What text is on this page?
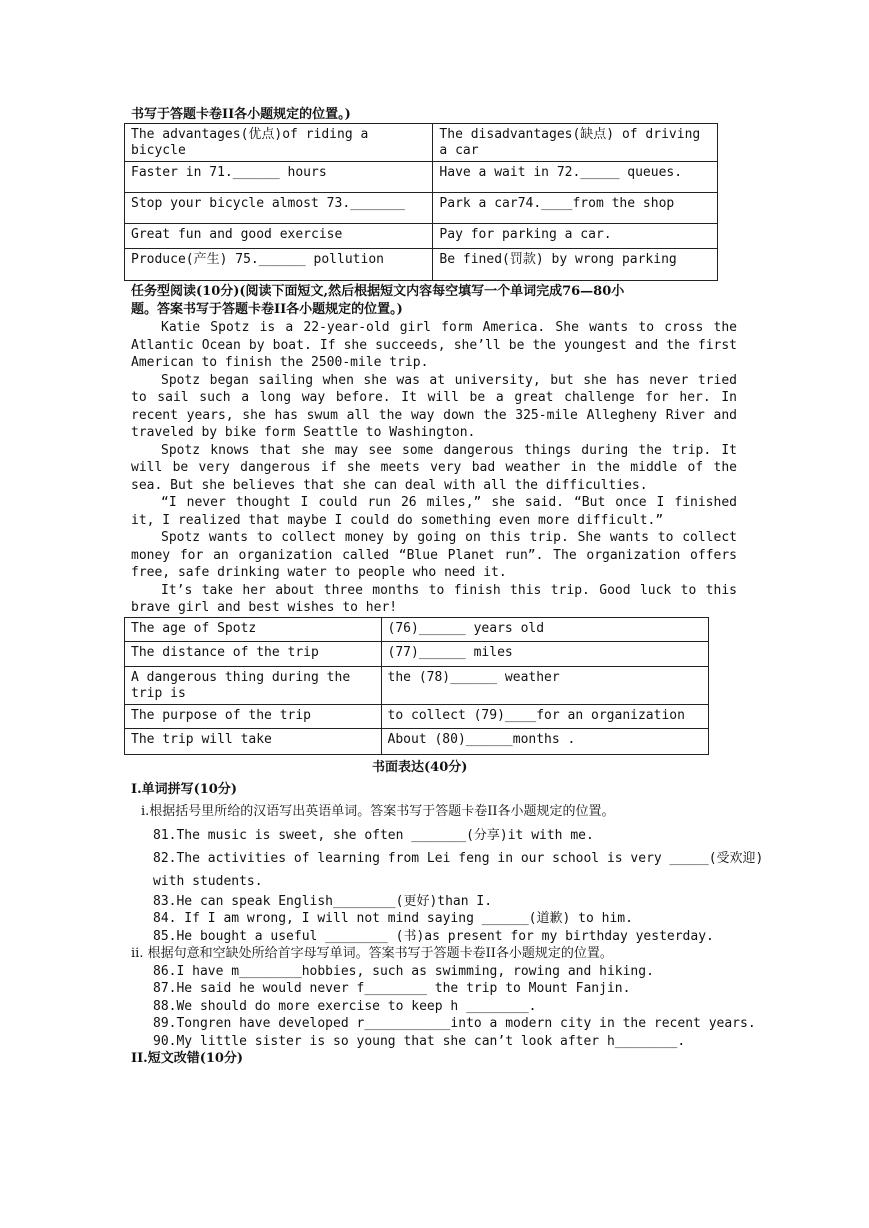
书写于答题卡卷II各小题规定的位置。)
The advantages(优点)of riding a bicycle	The disadvantages(缺点) of driving a car
Faster in 71.______ hours	Have a wait in 72._____ queues.
Stop your bicycle almost 73._______	Park a car74.____from the shop
Great fun and good exercise	Pay for parking a car.
Produce(产生) 75.______ pollution	Be fined(罚款) by wrong parking
任务型阅读(10分)(阅读下面短文,然后根据短文内容每空填写一个单词完成76—80小
题。答案书写于答题卡卷II各小题规定的位置。)

Katie Spotz is a 22-year-old girl form America. She wants to cross the Atlantic Ocean by boat. If she succeeds, she’ll be the youngest and the first American to finish the 2500-mile trip.

Spotz began sailing when she was at university, but she has never tried to sail such a long way before. It will be a great challenge for her. In recent years, she has swum all the way down the 325-mile Allegheny River and traveled by bike form Seattle to Washington.

Spotz knows that she may see some dangerous things during the trip. It will be very dangerous if she meets very bad weather in the middle of the sea. But she believes that she can deal with all the difficulties.

“I never thought I could run 26 miles,” she said. “But once I finished it, I realized that maybe I could do something even more difficult.”

Spotz wants to collect money by going on this trip. She wants to collect money for an organization called “Blue Planet run”. The organization offers free, safe drinking water to people who need it.

It’s take her about three months to finish this trip. Good luck to this brave girl and best wishes to her!

The age of Spotz	(76)______ years old
The distance of the trip	(77)______ miles
A dangerous thing during the trip is	the (78)______ weather
The purpose of the trip	to collect (79)____for an organization
The trip will take	About (80)______months .
书面表达(40分)
I.单词拼写(10分)
i.根据括号里所给的汉语写出英语单词。答案书写于答题卡卷II各小题规定的位置。
81.The music is sweet, she often _______(分享)it with me.
82.The activities of learning from Lei feng in our school is very _____(受欢迎)
with students.
83.He can speak English________(更好)than I.
84. If I am wrong, I will not mind saying ______(道歉) to him.
85.He bought a useful ________ (书)as present for my birthday yesterday.
ii. 根据句意和空缺处所给首字母写单词。答案书写于答题卡卷II各小题规定的位置。
86.I have m________hobbies, such as swimming, rowing and hiking.
87.He said he would never f________ the trip to Mount Fanjin.
88.We should do more exercise to keep h ________.
89.Tongren have developed r___________into a modern city in the recent years.
90.My little sister is so young that she can’t look after h________.
II.短文改错(10分)
